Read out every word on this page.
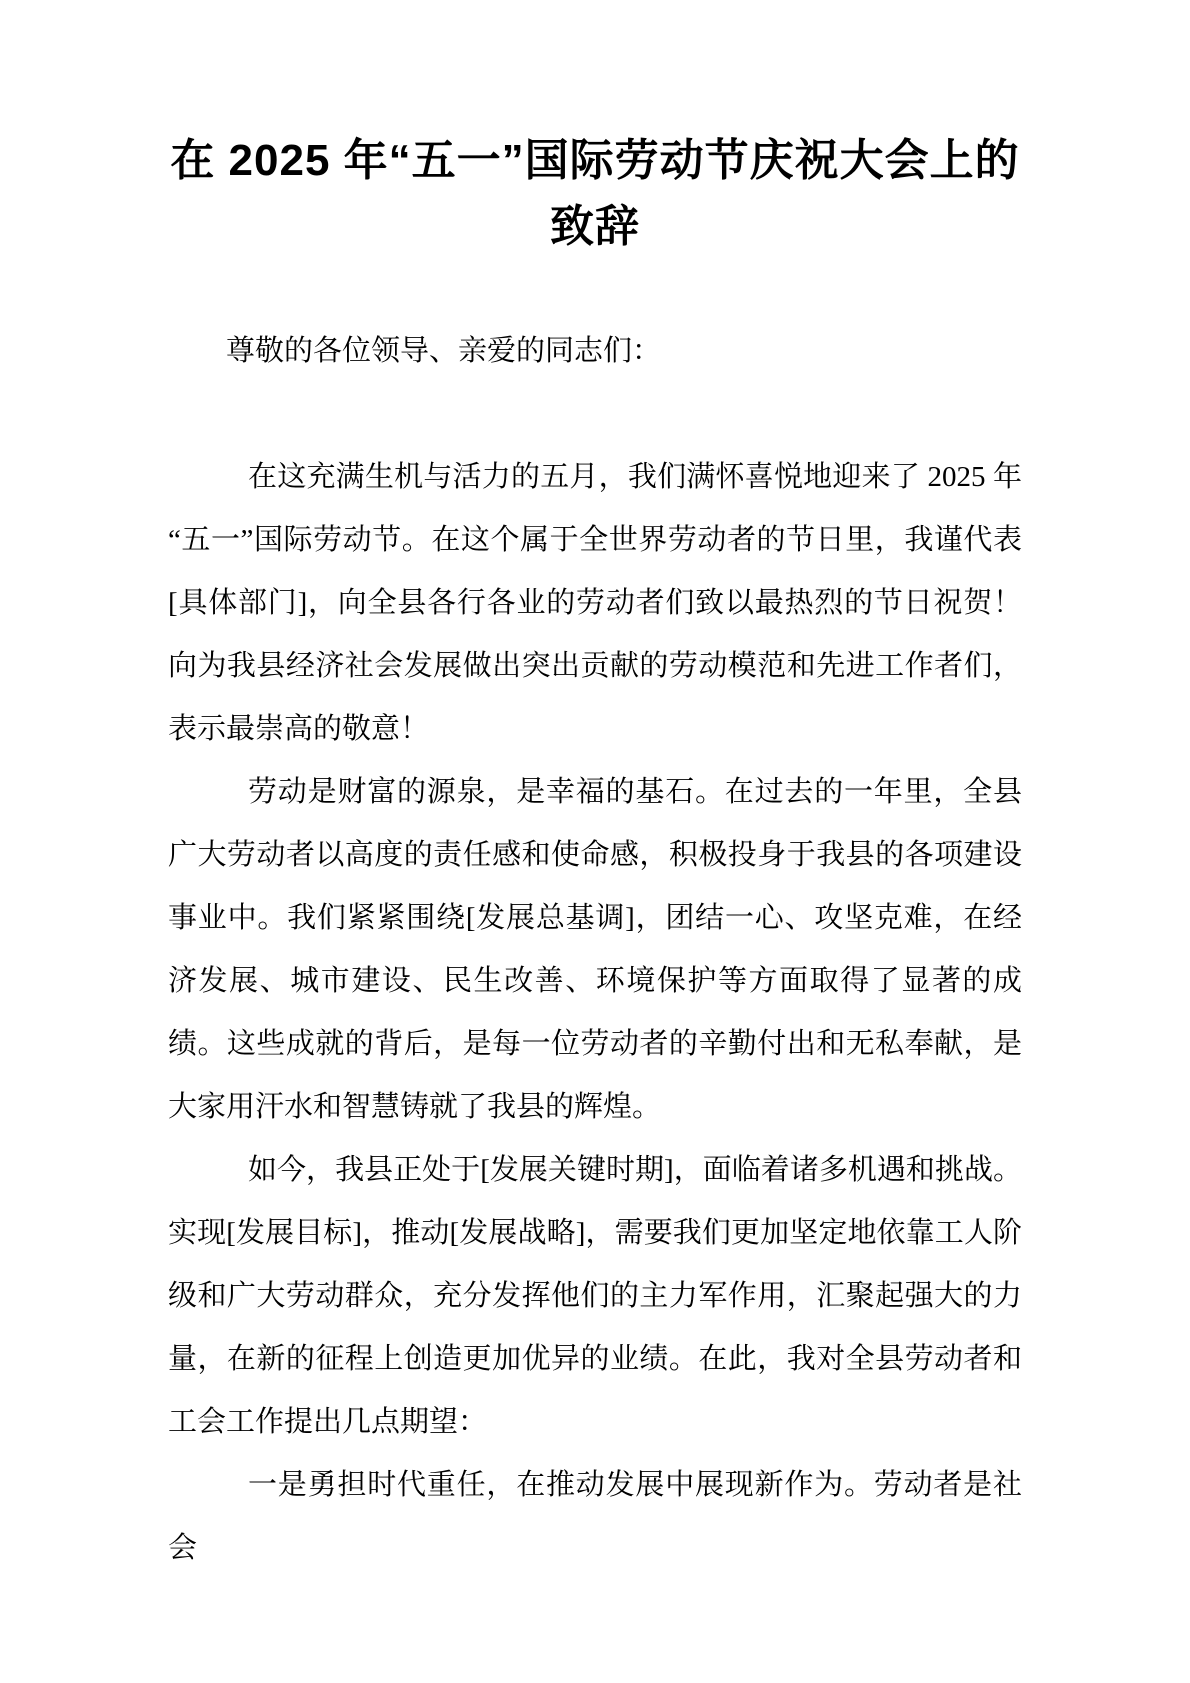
在 2025 年“五一”国际劳动节庆祝大会上的致辞

尊敬的各位领导、亲爱的同志们：

在这充满生机与活力的五月，我们满怀喜悦地迎来了 2025 年“五一”国际劳动节。在这个属于全世界劳动者的节日里，我谨代表[具体部门]，向全县各行各业的劳动者们致以最热烈的节日祝贺！向为我县经济社会发展做出突出贡献的劳动模范和先进工作者们，表示最崇高的敬意！

劳动是财富的源泉，是幸福的基石。在过去的一年里，全县广大劳动者以高度的责任感和使命感，积极投身于我县的各项建设事业中。我们紧紧围绕[发展总基调]，团结一心、攻坚克难，在经济发展、城市建设、民生改善、环境保护等方面取得了显著的成绩。这些成就的背后，是每一位劳动者的辛勤付出和无私奉献，是大家用汗水和智慧铸就了我县的辉煌。

如今，我县正处于[发展关键时期]，面临着诸多机遇和挑战。实现[发展目标]，推动[发展战略]，需要我们更加坚定地依靠工人阶级和广大劳动群众，充分发挥他们的主力军作用，汇聚起强大的力量，在新的征程上创造更加优异的业绩。在此，我对全县劳动者和工会工作提出几点期望：

一是勇担时代重任，在推动发展中展现新作为。劳动者是社会
